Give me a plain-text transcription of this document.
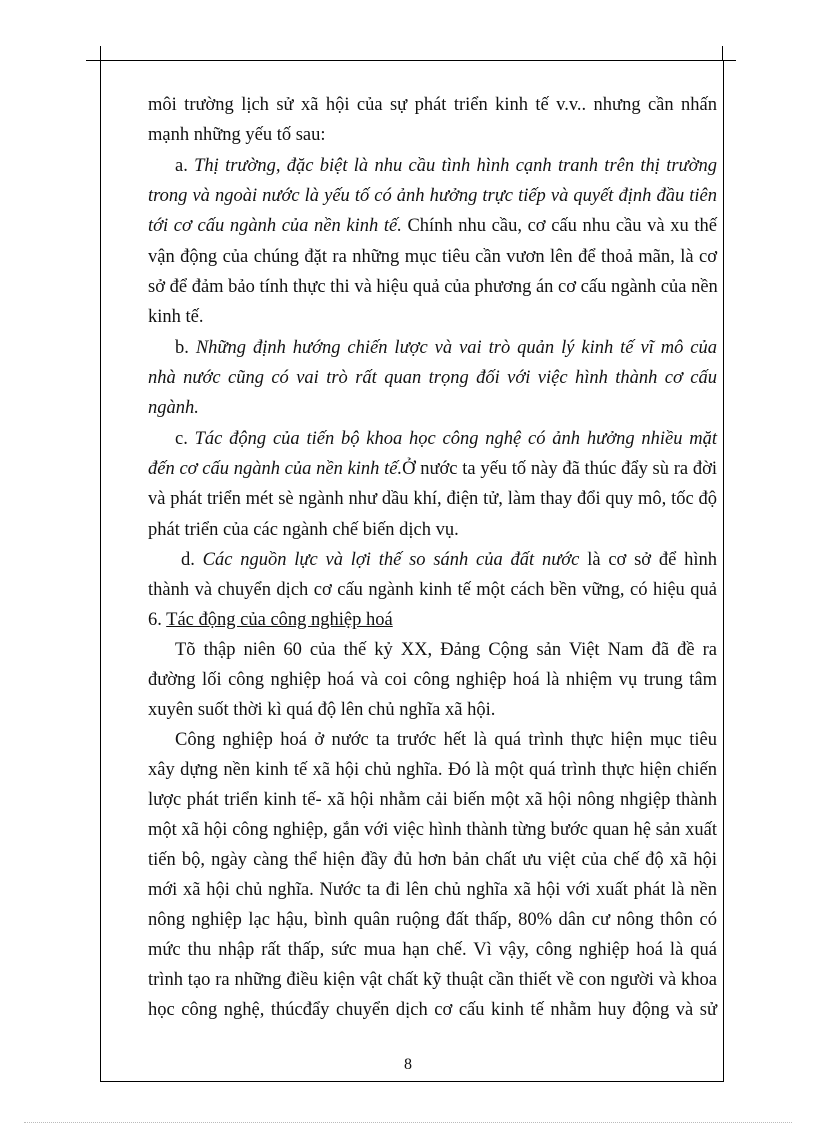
môi trường lịch sử xã hội của sự phát triển kinh tế v.v.. nhưng cần nhấn
mạnh những yếu tố sau:
a. Thị trường, đặc biệt là nhu cầu tình hình cạnh tranh trên thị trường
trong và ngoài nước là yếu tố có ảnh hưởng trực tiếp và quyết định đầu tiên
tới cơ cấu ngành của nền kinh tế. Chính nhu cầu, cơ cấu nhu cầu và xu thế
vận động của chúng đặt ra những mục tiêu cần vươn lên để thoả mãn, là cơ
sở để đảm bảo tính thực thi và hiệu quả của phương án cơ cấu ngành của nền
kinh tế.
b. Những định hướng chiến lược và vai trò quản lý kinh tế vĩ mô của
nhà nước cũng có vai trò rất quan trọng đối với việc hình thành cơ cấu
ngành.
c. Tác động của tiến bộ khoa học công nghệ có ảnh hưởng nhiều mặt
đến cơ cấu ngành của nền kinh tế.Ở nước ta yếu tố này đã thúc đẩy sù ra đời
và phát triển mét sè ngành như dầu khí, điện tử, làm thay đổi quy mô, tốc độ
phát triển của các ngành chế biến dịch vụ.
d. Các nguồn lực và lợi thế so sánh của đất nước là cơ sở để hình
thành và chuyển dịch cơ cấu ngành kinh tế một cách bền vững, có hiệu quả
6. Tác động của công nghiệp hoá
Tõ thập niên 60 của thế kỷ XX, Đảng Cộng sản Việt Nam đã đề ra
đường lối công nghiệp hoá và coi công nghiệp hoá là nhiệm vụ trung tâm
xuyên suốt thời kì quá độ lên chủ nghĩa xã hội.
Công nghiệp hoá ở nước ta trước hết là quá trình thực hiện mục tiêu
xây dựng nền kinh tế xã hội chủ nghĩa. Đó là một quá trình thực hiện chiến
lược phát triển kinh tế- xã hội nhằm cải biến một xã hội nông nhgiệp thành
một xã hội công nghiệp, gắn với việc hình thành từng bước quan hệ sản xuất
tiến bộ, ngày càng thể hiện đầy đủ hơn bản chất ưu việt của chế độ xã hội
mới xã hội chủ nghĩa. Nước ta đi lên chủ nghĩa xã hội với xuất phát là nền
nông nghiệp lạc hậu, bình quân ruộng đất thấp, 80% dân cư nông thôn có
mức thu nhập rất thấp, sức mua hạn chế. Vì vậy, công nghiệp hoá là quá
trình tạo ra những điều kiện vật chất kỹ thuật cần thiết về con người và khoa
học công nghệ, thúcđẩy chuyển dịch cơ cấu kinh tế nhằm huy động và sử
8
